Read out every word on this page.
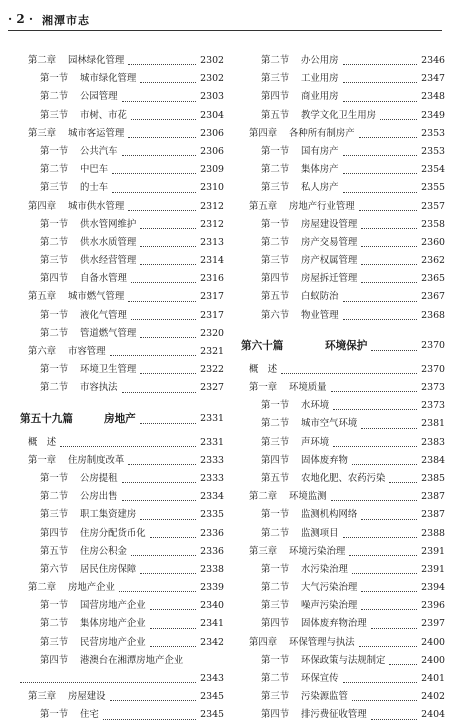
· 2 · 湘潭市志
第二章 园林绿化管理	2302
第一节 城市绿化管理	2302
第二节 公园管理	2303
第三节 市树、市花	2304
第三章 城市客运管理	2306
第一节 公共汽车	2306
第二节 中巴车	2309
第三节 的士车	2310
第四章 城市供水管理	2312
第一节 供水管网维护	2312
第二节 供水水质管理	2313
第三节 供水经营管理	2314
第四节 自备水管理	2316
第五章 城市燃气管理	2317
第一节 液化气管理	2317
第二节 管道燃气管理	2320
第六章 市容管理	2321
第一节 环境卫生管理	2322
第二节 市容执法	2327
第五十九篇	房地产	2331
概　述	2331
第一章 住房制度改革	2333
第一节 公房提租	2333
第二节 公房出售	2334
第三节 职工集资建房	2335
第四节 住房分配货币化	2336
第五节 住房公积金	2336
第六节 居民住房保障	2338
第二章 房地产企业	2339
第一节 国营房地产企业	2340
第二节 集体房地产企业	2341
第三节 民营房地产企业	2342
第四节 港澳台在湘潭房地产企业
2343
第三章 房屋建设	2345
第一节 住宅	2345
第二节 办公用房	2346
第三节 工业用房	2347
第四节 商业用房	2348
第五节 教学文化卫生用房	2349
第四章 各种所有制房产	2353
第一节 国有房产	2353
第二节 集体房产	2354
第三节 私人房产	2355
第五章 房地产行业管理	2357
第一节 房屋建设管理	2358
第二节 房产交易管理	2360
第三节 房产权属管理	2362
第四节 房屋拆迁管理	2365
第五节 白蚁防治	2367
第六节 物业管理	2368
第六十篇	环境保护	2370
概　述	2370
第一章 环境质量	2373
第一节 水环境	2373
第二节 城市空气环境	2381
第三节 声环境	2383
第四节 固体废弃物	2384
第五节 农地化肥、农药污染	2385
第二章 环境监测	2387
第一节 监测机构网络	2387
第二节 监测项目	2388
第三章 环境污染治理	2391
第一节 水污染治理	2391
第二节 大气污染治理	2394
第三节 噪声污染治理	2396
第四节 固体废弃物治理	2397
第四章 环保管理与执法	2400
第一节 环保政策与法规制定	2400
第二节 环保宣传	2401
第三节 污染源监管	2402
第四节 排污费征收管理	2404
